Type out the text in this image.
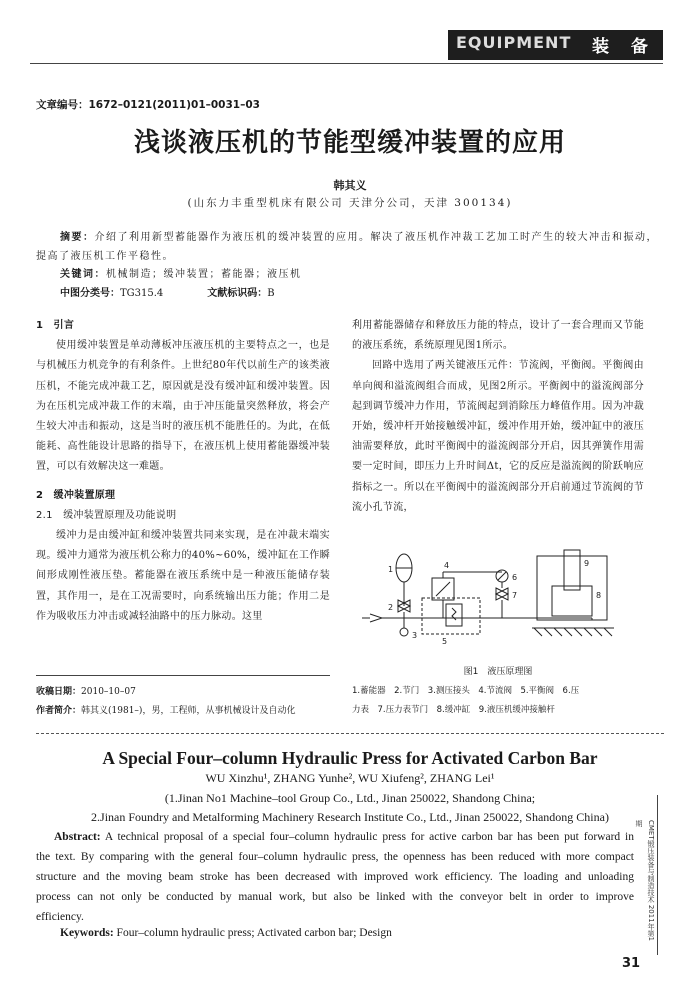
EQUIPMENT 装 备
文章编号：1672–0121(2011)01–0031–03
浅谈液压机的节能型缓冲装置的应用
韩其义
(山东力丰重型机床有限公司 天津分公司，天津 300134)
摘要：介绍了利用新型蓄能器作为液压机的缓冲装置的应用。解决了液压机作冲裁工艺加工时产生的较大冲击和振动，提高了液压机工作平稳性。
关键词：机械制造；缓冲装置；蓄能器；液压机
中图分类号：TG315.4	文献标识码：B

1　引言

使用缓冲装置是单动薄板冲压液压机的主要特点之一，也是与机械压力机竞争的有利条件。上世纪80年代以前生产的该类液压机，不能完成冲裁工艺，原因就是没有缓冲缸和缓冲装置。因为在压机完成冲裁工作的末端，由于冲压能量突然释放，将会产生较大冲击和振动，这是当时的液压机不能胜任的。为此，在低能耗、高性能设计思路的指导下，在液压机上使用蓄能器缓冲装置，可以有效解决这一难题。

2　缓冲装置原理

2.1　缓冲装置原理及功能说明

缓冲力是由缓冲缸和缓冲装置共同来实现，是在冲裁末端实现。缓冲力通常为液压机公称力的40%~60%，缓冲缸在工作瞬间形成刚性液压垫。蓄能器在液压系统中是一种液压能储存装置，其作用一，是在工况需要时，向系统输出压力能；作用二是作为吸收压力冲击或减轻油路中的压力脉动。这里

利用蓄能器储存和释放压力能的特点，设计了一套合理而又节能的液压系统，系统原理见图1所示。

回路中选用了两关键液压元件：节流阀，平衡阀。平衡阀由单向阀和溢流阀组合而成，见图2所示。平衡阀中的溢流阀部分起到调节缓冲力作用，节流阀起到消除压力峰值作用。因为冲裁开始，缓冲杆开始接触缓冲缸，缓冲作用开始，缓冲缸中的液压油需要释放，此时平衡阀中的溢流阀部分开启，因其弹簧作用需要一定时间，即压力上升时间Δt，它的反应是溢流阀的阶跃响应指标之一。所以在平衡阀中的溢流阀部分开启前通过节流阀的节流小孔节流，

1
2
3
4
5
6
7	8
9
图1　液压原理图
1.蓄能器　2.节门　3.测压接头　4.节流阀　5.平衡阀　6.压
力表　7.压力表节门　8.缓冲缸　9.液压机缓冲接触杆
收稿日期：2010–10–07
作者简介：韩其义(1981–)，男，工程师，从事机械设计及自动化
A Special Four–column Hydraulic Press for Activated Carbon Bar
WU Xinzhu¹, ZHANG Yunhe², WU Xiufeng², ZHANG Lei¹
(1.Jinan No1 Machine–tool Group Co., Ltd., Jinan 250022, Shandong China;
2.Jinan Foundry and Metalforming Machinery Research Institute Co., Ltd., Jinan 250022, Shandong China)
Abstract: A technical proposal of a special four–column hydraulic press for active carbon bar has been put forward in the text. By comparing with the general four–column hydraulic press, the openness has been reduced with more compact structure and the moving beam stroke has been decreased with improved work efficiency. The loading and unloading process can not only be conducted by manual work, but also be linked with the conveyor belt in order to improve efficiency.
Keywords: Four–column hydraulic press; Activated carbon bar; Design	CMET锻压装备与制造技术 2011年第1期
31
